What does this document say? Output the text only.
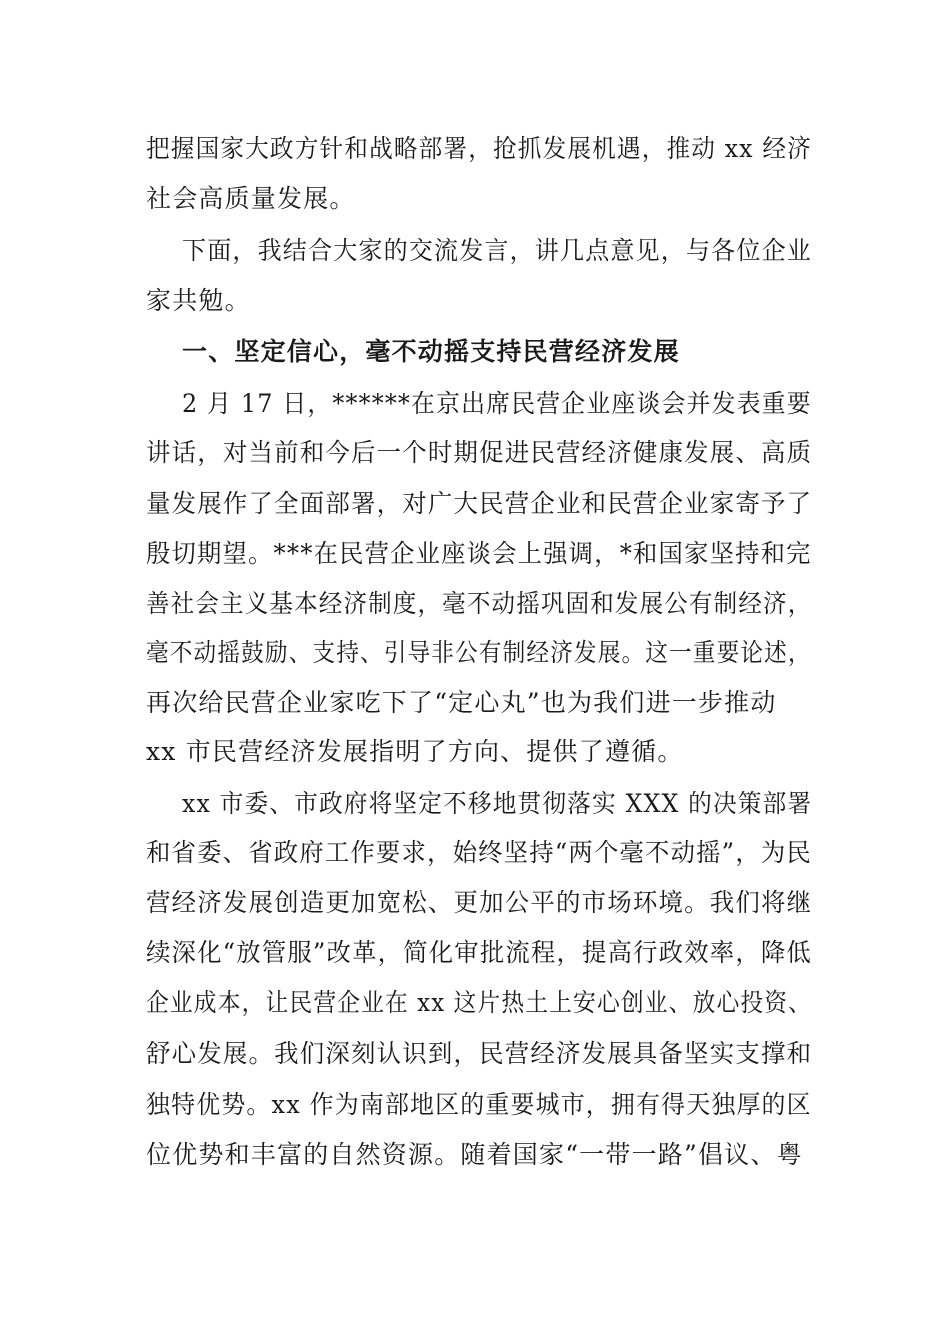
把握国家大政方针和战略部署，抢抓发展机遇，推动 xx 经济
社会高质量发展。
下面，我结合大家的交流发言，讲几点意见，与各位企业
家共勉。
一、坚定信心，毫不动摇支持民营经济发展
2 月 17 日，******在京出席民营企业座谈会并发表重要
讲话，对当前和今后一个时期促进民营经济健康发展、高质
量发展作了全面部署，对广大民营企业和民营企业家寄予了
殷切期望。***在民营企业座谈会上强调，*和国家坚持和完
善社会主义基本经济制度，毫不动摇巩固和发展公有制经济，
毫不动摇鼓励、支持、引导非公有制经济发展。这一重要论述，
再次给民营企业家吃下了“定心丸”也为我们进一步推动
xx 市民营经济发展指明了方向、提供了遵循。
xx 市委、市政府将坚定不移地贯彻落实 XXX 的决策部署
和省委、省政府工作要求，始终坚持“两个毫不动摇”，为民
营经济发展创造更加宽松、更加公平的市场环境。我们将继
续深化“放管服”改革，简化审批流程，提高行政效率，降低
企业成本，让民营企业在 xx 这片热土上安心创业、放心投资、
舒心发展。我们深刻认识到，民营经济发展具备坚实支撑和
独特优势。xx 作为南部地区的重要城市，拥有得天独厚的区
位优势和丰富的自然资源。随着国家“一带一路”倡议、粤
